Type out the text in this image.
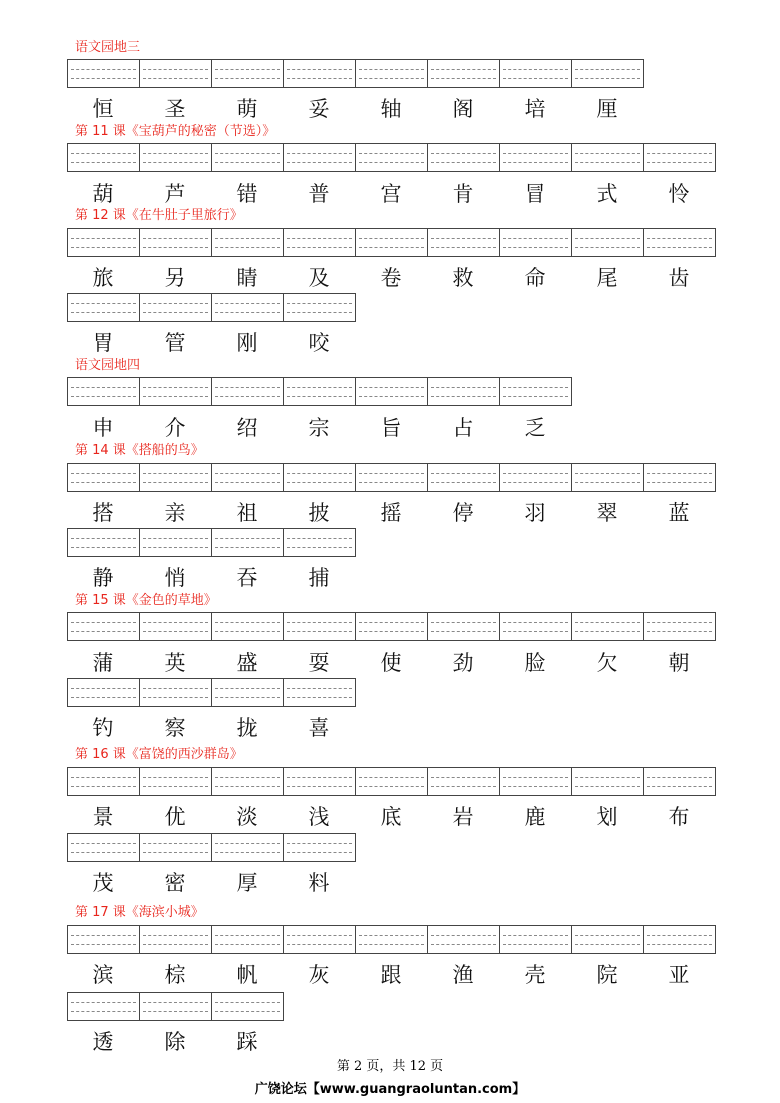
语文园地三
恒	圣	萌	妥	轴	阁	培	厘
第 11 课《宝葫芦的秘密（节选）》
葫	芦	错	普	宫	肯	冒	式	怜
第 12 课《在牛肚子里旅行》
旅	另	睛	及	卷	救	命	尾	齿
胃	管	刚	咬
语文园地四
申	介	绍	宗	旨	占	乏
第 14 课《搭船的鸟》
搭	亲	祖	披	摇	停	羽	翠	蓝
静	悄	吞	捕
第 15 课《金色的草地》
蒲	英	盛	耍	使	劲	脸	欠	朝
钓	察	拢	喜
第 16 课《富饶的西沙群岛》
景	优	淡	浅	底	岩	鹿	划	布
茂	密	厚	料
第 17 课《海滨小城》
滨	棕	帆	灰	跟	渔	壳	院	亚
透	除	踩
第 2 页，共 12 页
广饶论坛【www.guangraoluntan.com】
